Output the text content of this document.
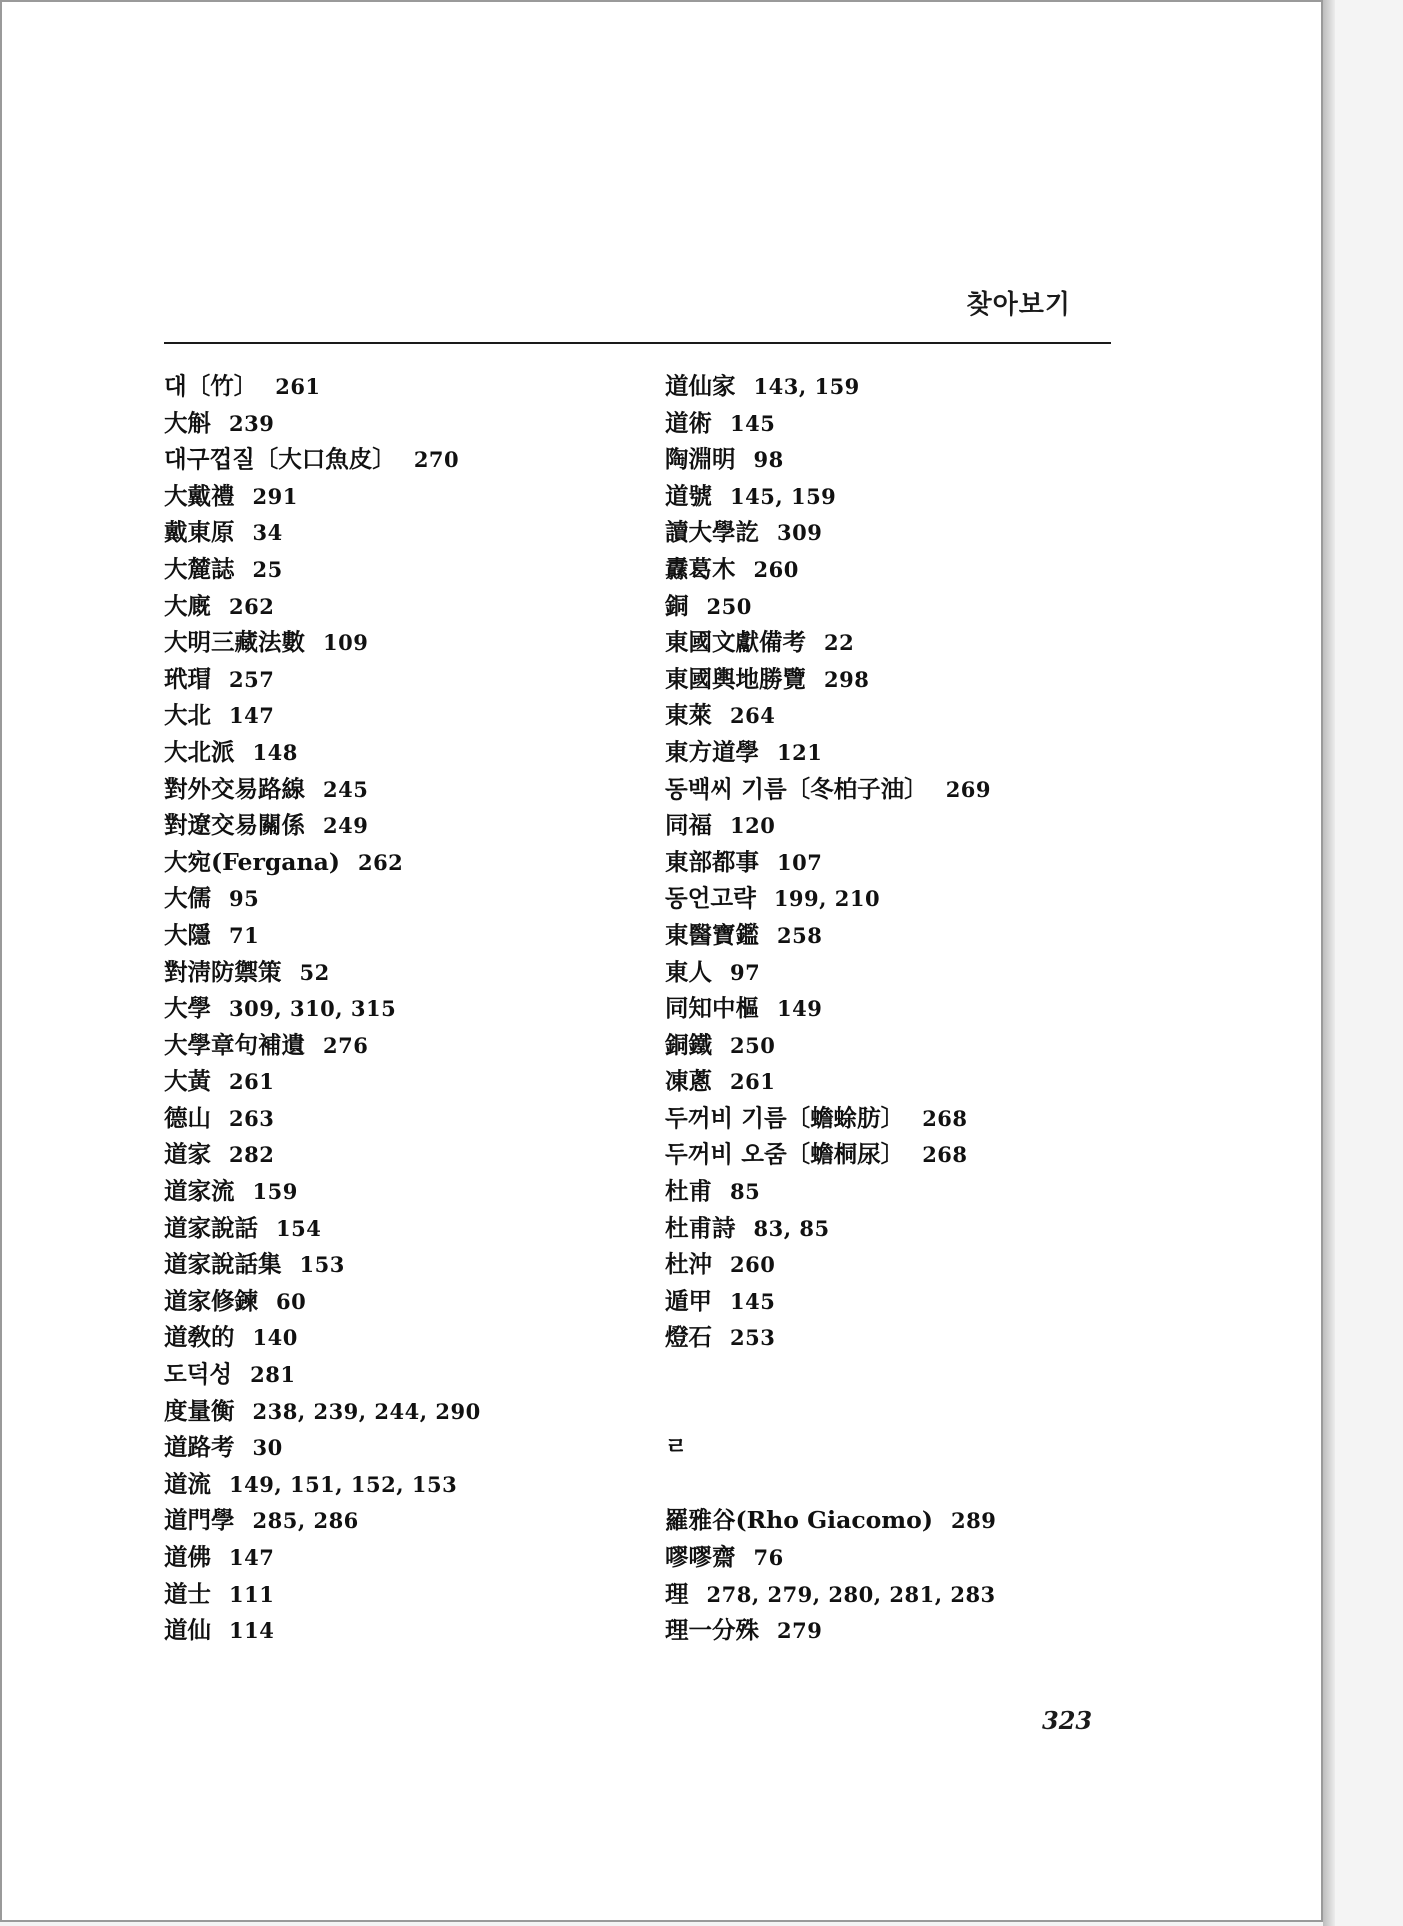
찾아보기
대〔竹〕 261
大斛 239
대구껍질〔大口魚皮〕 270
大戴禮 291
戴東原 34
大麓誌 25
大廐 262
大明三藏法數 109
玳瑁 257
大北 147
大北派 148
對外交易路線 245
對遼交易關係 249
大宛(Fergana) 262
大儒 95
大隱 71
對淸防禦策 52
大學 309, 310, 315
大學章句補遺 276
大黃 261
德山 263
道家 282
道家流 159
道家說話 154
道家說話集 153
道家修鍊 60
道敎的 140
도덕성 281
度量衡 238, 239, 244, 290
道路考 30
道流 149, 151, 152, 153
道門學 285, 286
道佛 147
道士 111
道仙 114
道仙家 143, 159
道術 145
陶淵明 98
道號 145, 159
讀大學訖 309
纛葛木 260
銅 250
東國文獻備考 22
東國輿地勝覽 298
東萊 264
東方道學 121
동백씨 기름〔冬柏子油〕 269
同福 120
東部都事 107
동언고략 199, 210
東醫寶鑑 258
東人 97
同知中樞 149
銅鐵 250
凍蔥 261
두꺼비 기름〔蟾蜍肪〕 268
두꺼비 오줌〔蟾桐尿〕 268
杜甫 85
杜甫詩 83, 85
杜沖 260
遁甲 145
燈石 253
ㄹ
羅雅谷(Rho Giacomo) 289
嘐嘐齋 76
理 278, 279, 280, 281, 283
理一分殊 279
323
